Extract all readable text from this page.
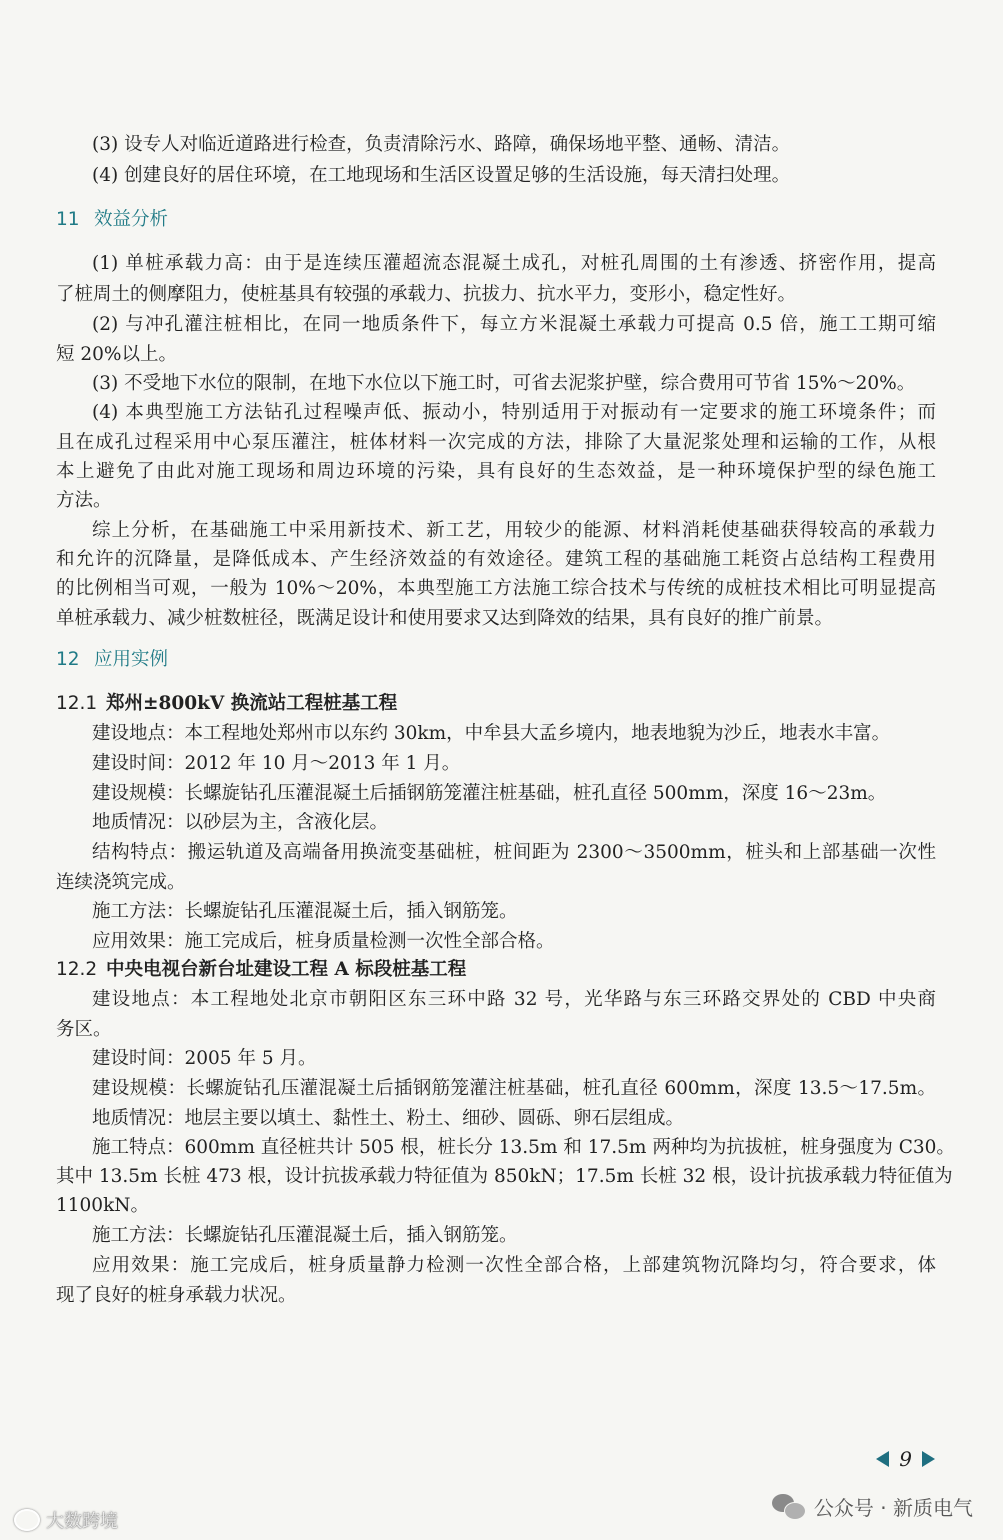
(3) 设专人对临近道路进行检查，负责清除污水、路障，确保场地平整、通畅、清洁。
(4) 创建良好的居住环境，在工地现场和生活区设置足够的生活设施，每天清扫处理。
11 效益分析
(1) 单桩承载力高：由于是连续压灌超流态混凝土成孔，对桩孔周围的土有渗透、挤密作用，提高
了桩周土的侧摩阻力，使桩基具有较强的承载力、抗拔力、抗水平力，变形小，稳定性好。
(2) 与冲孔灌注桩相比，在同一地质条件下，每立方米混凝土承载力可提高 0.5 倍，施工工期可缩
短 20%以上。
(3) 不受地下水位的限制，在地下水位以下施工时，可省去泥浆护壁，综合费用可节省 15%～20%。
(4) 本典型施工方法钻孔过程噪声低、振动小，特别适用于对振动有一定要求的施工环境条件；而
且在成孔过程采用中心泵压灌注，桩体材料一次完成的方法，排除了大量泥浆处理和运输的工作，从根
本上避免了由此对施工现场和周边环境的污染，具有良好的生态效益，是一种环境保护型的绿色施工
方法。
综上分析，在基础施工中采用新技术、新工艺，用较少的能源、材料消耗使基础获得较高的承载力
和允许的沉降量，是降低成本、产生经济效益的有效途径。建筑工程的基础施工耗资占总结构工程费用
的比例相当可观，一般为 10%～20%，本典型施工方法施工综合技术与传统的成桩技术相比可明显提高
单桩承载力、减少桩数桩径，既满足设计和使用要求又达到降效的结果，具有良好的推广前景。
12 应用实例
12.1 郑州±800kV 换流站工程桩基工程
建设地点：本工程地处郑州市以东约 30km，中牟县大孟乡境内，地表地貌为沙丘，地表水丰富。
建设时间：2012 年 10 月～2013 年 1 月。
建设规模：长螺旋钻孔压灌混凝土后插钢筋笼灌注桩基础，桩孔直径 500mm，深度 16～23m。
地质情况：以砂层为主，含液化层。
结构特点：搬运轨道及高端备用换流变基础桩，桩间距为 2300～3500mm，桩头和上部基础一次性
连续浇筑完成。
施工方法：长螺旋钻孔压灌混凝土后，插入钢筋笼。
应用效果：施工完成后，桩身质量检测一次性全部合格。
12.2 中央电视台新台址建设工程 A 标段桩基工程
建设地点：本工程地处北京市朝阳区东三环中路 32 号，光华路与东三环路交界处的 CBD 中央商
务区。
建设时间：2005 年 5 月。
建设规模：长螺旋钻孔压灌混凝土后插钢筋笼灌注桩基础，桩孔直径 600mm，深度 13.5～17.5m。
地质情况：地层主要以填土、黏性土、粉土、细砂、圆砾、卵石层组成。
施工特点：600mm 直径桩共计 505 根，桩长分 13.5m 和 17.5m 两种均为抗拔桩，桩身强度为 C30。
其中 13.5m 长桩 473 根，设计抗拔承载力特征值为 850kN；17.5m 长桩 32 根，设计抗拔承载力特征值为
1100kN。
施工方法：长螺旋钻孔压灌混凝土后，插入钢筋笼。
应用效果：施工完成后，桩身质量静力检测一次性全部合格，上部建筑物沉降均匀，符合要求，体
现了良好的桩身承载力状况。
9
公众号 · 新质电气
大数跨境
